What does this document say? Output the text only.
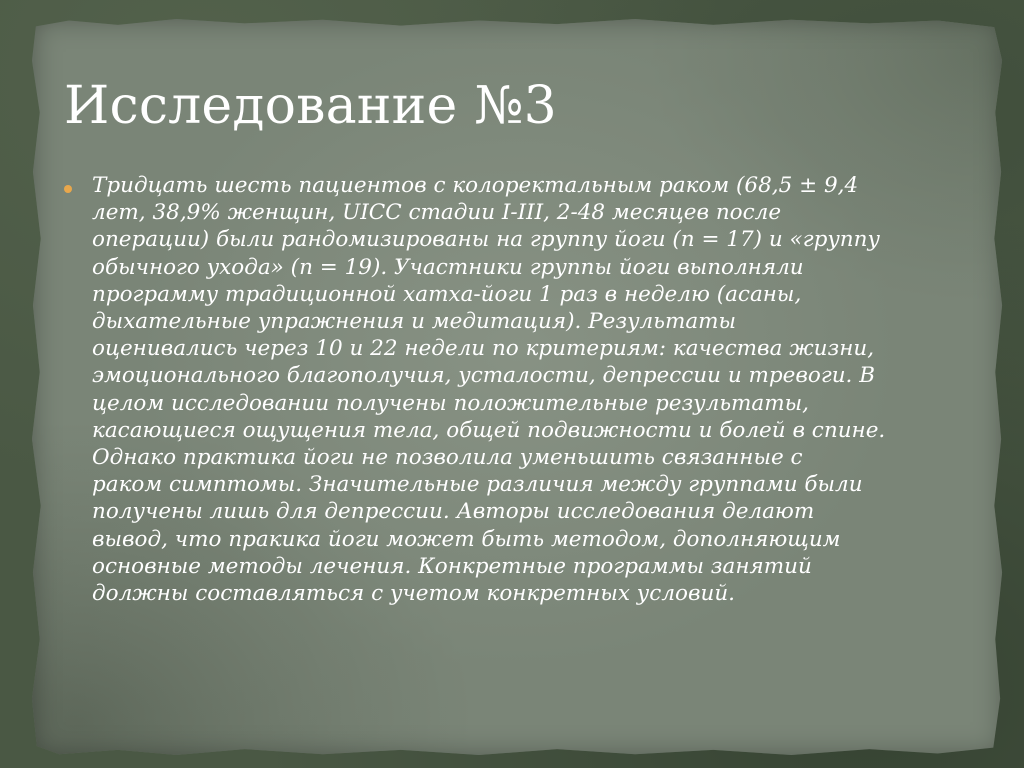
Исследование №3

Тридцать шесть пациентов с колоректальным раком (68,5 ± 9,4
лет, 38,9% женщин, UICC стадии I-III, 2-48 месяцев после
операции) были рандомизированы на группу йоги (n = 17) и «группу
обычного ухода» (n = 19). Участники группы йоги выполняли
программу традиционной хатха-йоги 1 раз в неделю (асаны,
дыхательные упражнения и медитация). Результаты
оценивались через 10 и 22 недели по критериям: качества жизни,
эмоционального благополучия, усталости, депрессии и тревоги. В
целом исследовании получены положительные результаты,
касающиеся ощущения тела, общей подвижности и болей в спине.
Однако практика йоги не позволила уменьшить связанные с
раком симптомы. Значительные различия между группами были
получены лишь для депрессии. Авторы исследования делают
вывод, что пракика йоги может быть методом, дополняющим
основные методы лечения. Конкретные программы занятий
должны составляться с учетом конкретных условий.
